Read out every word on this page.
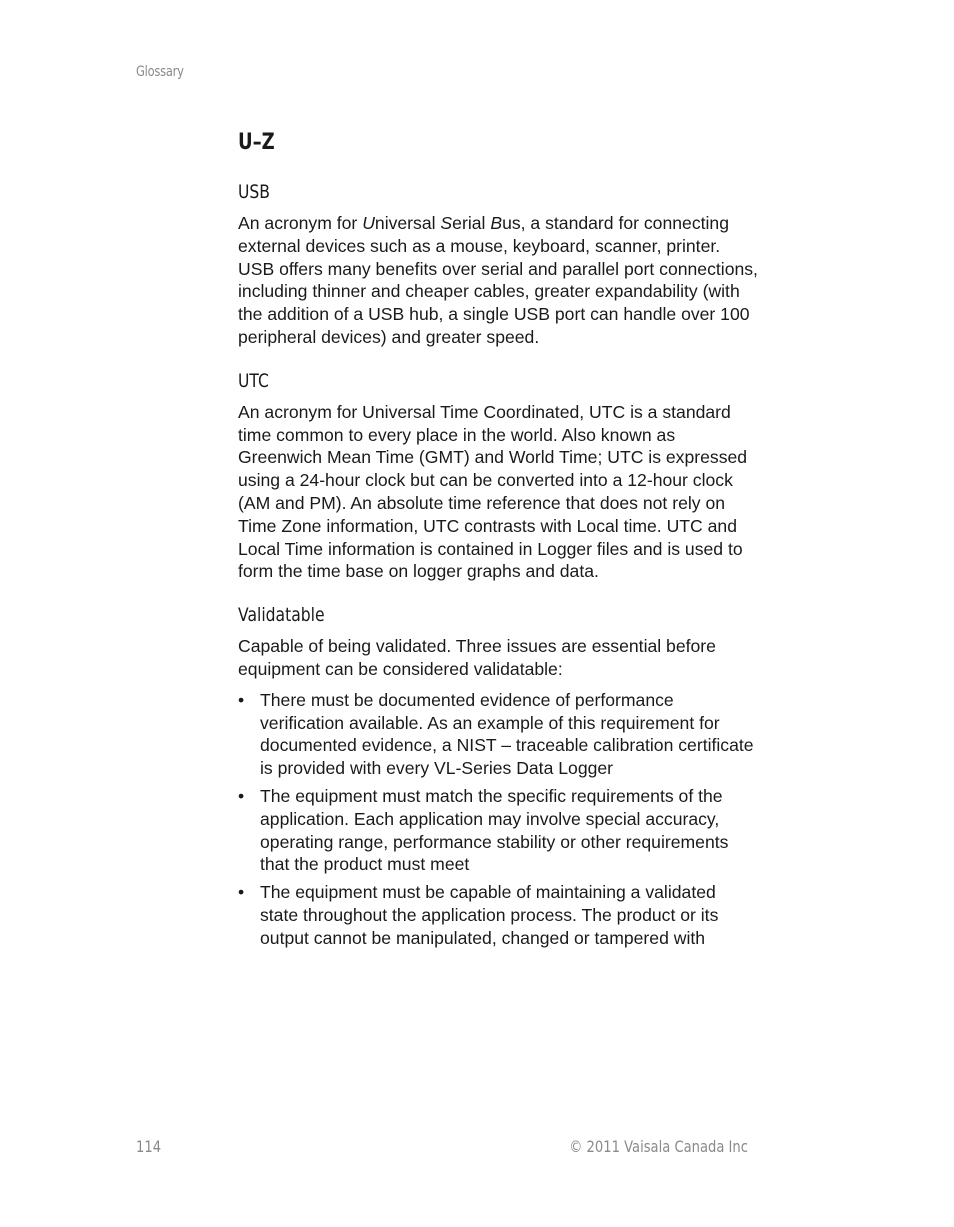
Glossary
U–Z
USB

An acronym for Universal Serial Bus, a standard for connecting external devices such as a mouse, keyboard, scanner, printer. USB offers many benefits over serial and parallel port connections, including thinner and cheaper cables, greater expandability (with the addition of a USB hub, a single USB port can handle over 100 peripheral devices) and greater speed.

UTC

An acronym for Universal Time Coordinated, UTC is a standard time common to every place in the world. Also known as Greenwich Mean Time (GMT) and World Time; UTC is expressed using a 24-hour clock but can be converted into a 12-hour clock (AM and PM). An absolute time reference that does not rely on Time Zone information, UTC contrasts with Local time. UTC and Local Time information is contained in Logger files and is used to form the time base on logger graphs and data.

Validatable

Capable of being validated. Three issues are essential before equipment can be considered validatable:

• There must be documented evidence of performance verification available. As an example of this requirement for documented evidence, a NIST – traceable calibration certificate is provided with every VL-Series Data Logger
• The equipment must match the specific requirements of the application. Each application may involve special accuracy, operating range, performance stability or other requirements that the product must meet
• The equipment must be capable of maintaining a validated state throughout the application process. The product or its output cannot be manipulated, changed or tampered with
114	© 2011 Vaisala Canada Inc
